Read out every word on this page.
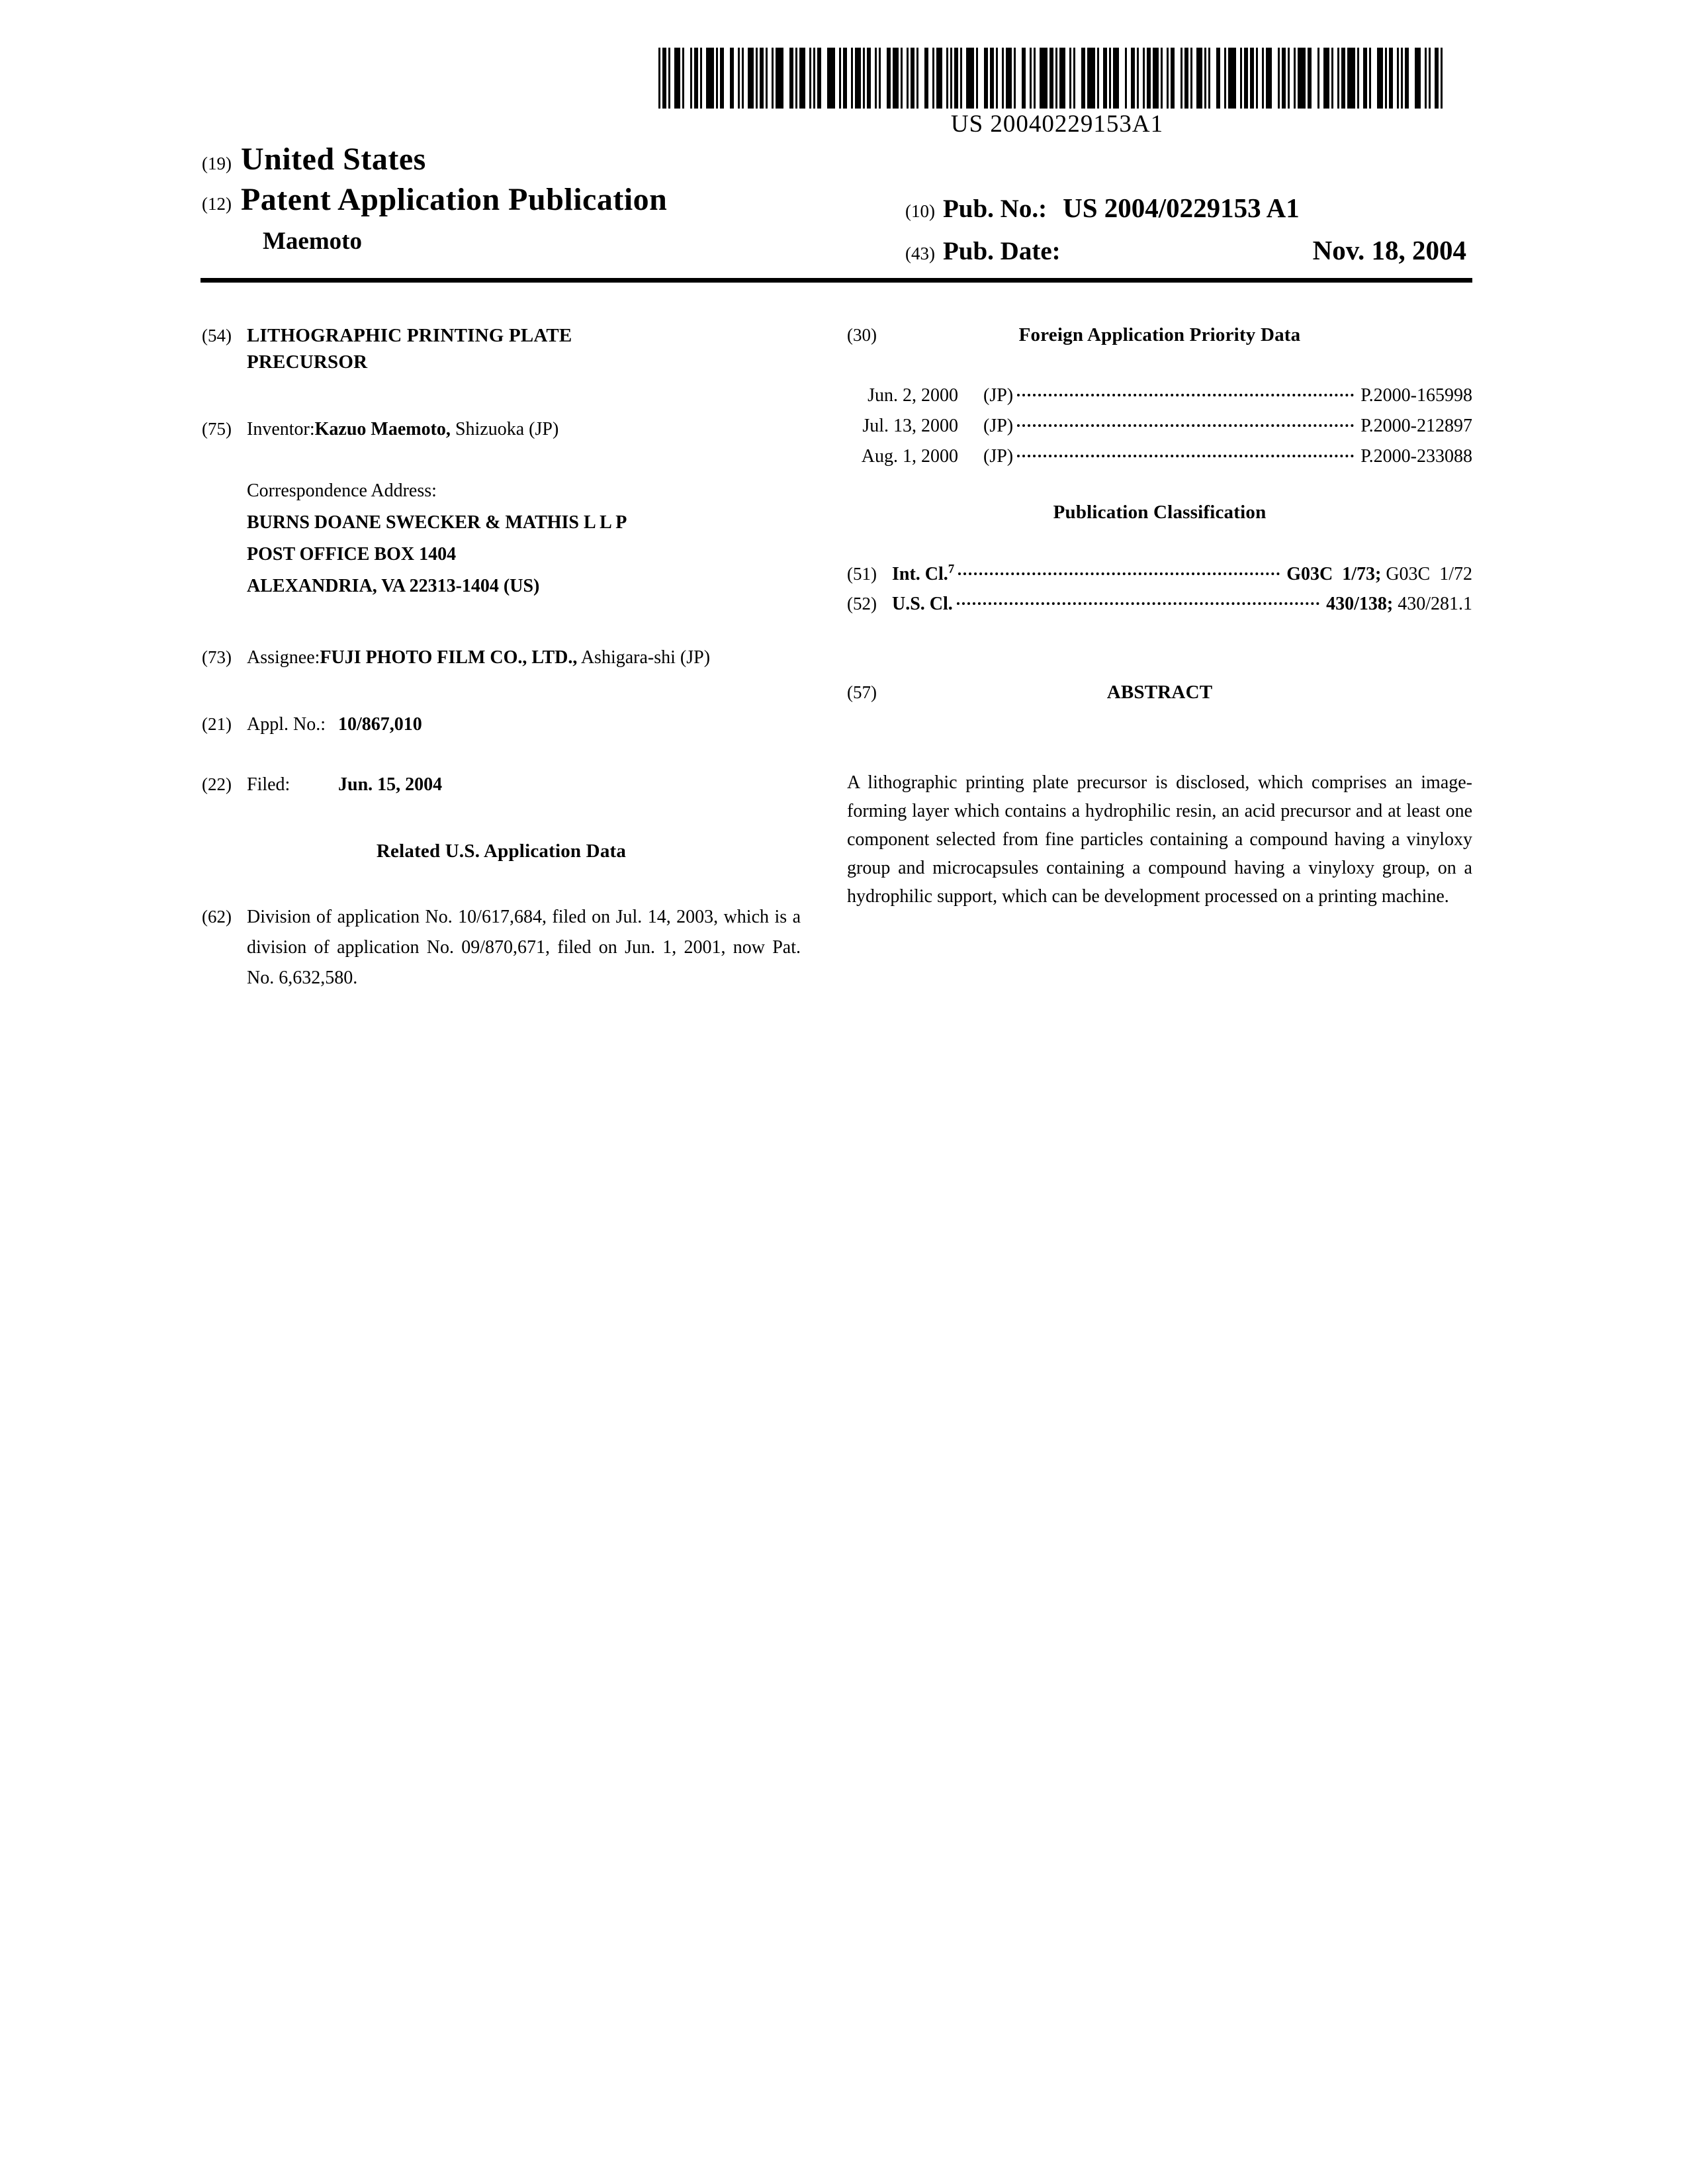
US 20040229153A1
(19) United States
(12) Patent Application Publication
Maemoto
(10) Pub. No.: US 2004/0229153 A1
(43) Pub. Date:	Nov. 18, 2004
(54) LITHOGRAPHIC PRINTING PLATE PRECURSOR
(75) Inventor: Kazuo Maemoto, Shizuoka (JP)
Correspondence Address:
BURNS DOANE SWECKER & MATHIS L L P
POST OFFICE BOX 1404
ALEXANDRIA, VA 22313-1404 (US)
(73) Assignee: FUJI PHOTO FILM CO., LTD., Ashigara-shi (JP)
(21) Appl. No.: 10/867,010
(22) Filed:	Jun. 15, 2004
Related U.S. Application Data
(62) Division of application No. 10/617,684, filed on Jul. 14, 2003, which is a division of application No. 09/870,671, filed on Jun. 1, 2001, now Pat. No. 6,632,580.
(30)	Foreign Application Priority Data
Jun. 2, 2000 (JP)	P.2000-165998
Jul. 13, 2000 (JP)	P.2000-212897
Aug. 1, 2000 (JP)	P.2000-233088
Publication Classification
(51) Int. Cl.$^7$	G03C  1/73; G03C  1/72
(52) U.S. Cl.	430/138; 430/281.1
(57)	ABSTRACT
A lithographic printing plate precursor is disclosed, which comprises an image-forming layer which contains a hydrophilic resin, an acid precursor and at least one component selected from fine particles containing a compound having a vinyloxy group and microcapsules containing a compound having a vinyloxy group, on a hydrophilic support, which can be development processed on a printing machine.
